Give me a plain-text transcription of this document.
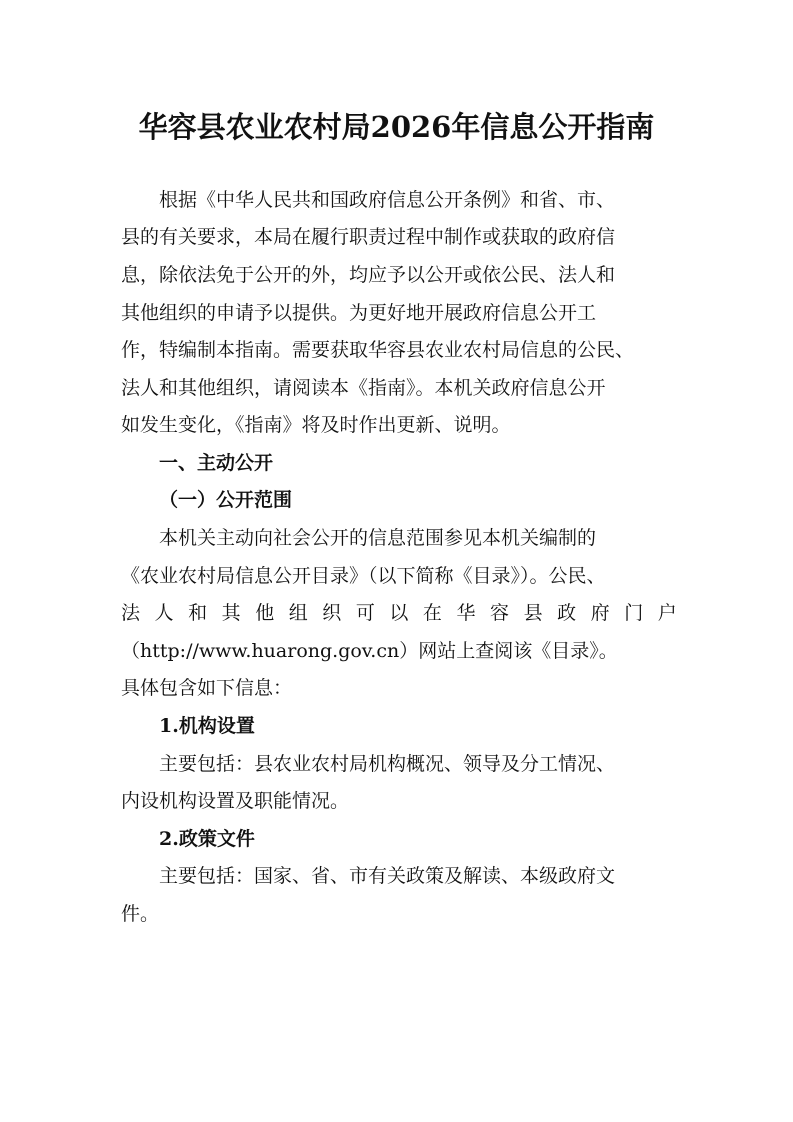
华容县农业农村局2026年信息公开指南
根据《中华人民共和国政府信息公开条例》和省、市、
县的有关要求，本局在履行职责过程中制作或获取的政府信
息，除依法免于公开的外，均应予以公开或依公民、法人和
其他组织的申请予以提供。为更好地开展政府信息公开工
作，特编制本指南。需要获取华容县农业农村局信息的公民、
法人和其他组织，请阅读本《指南》。本机关政府信息公开
如发生变化，《指南》将及时作出更新、说明。
一、主动公开
（一）公开范围
本机关主动向社会公开的信息范围参见本机关编制的
《农业农村局信息公开目录》（以下简称《目录》）。公民、
法 人 和 其 他 组 织 可 以 在 华 容 县 政 府 门 户
（http://www.huarong.gov.cn）网站上查阅该《目录》。
具体包含如下信息：
1.机构设置
主要包括：县农业农村局机构概况、领导及分工情况、
内设机构设置及职能情况。
2.政策文件
主要包括：国家、省、市有关政策及解读、本级政府文
件。
